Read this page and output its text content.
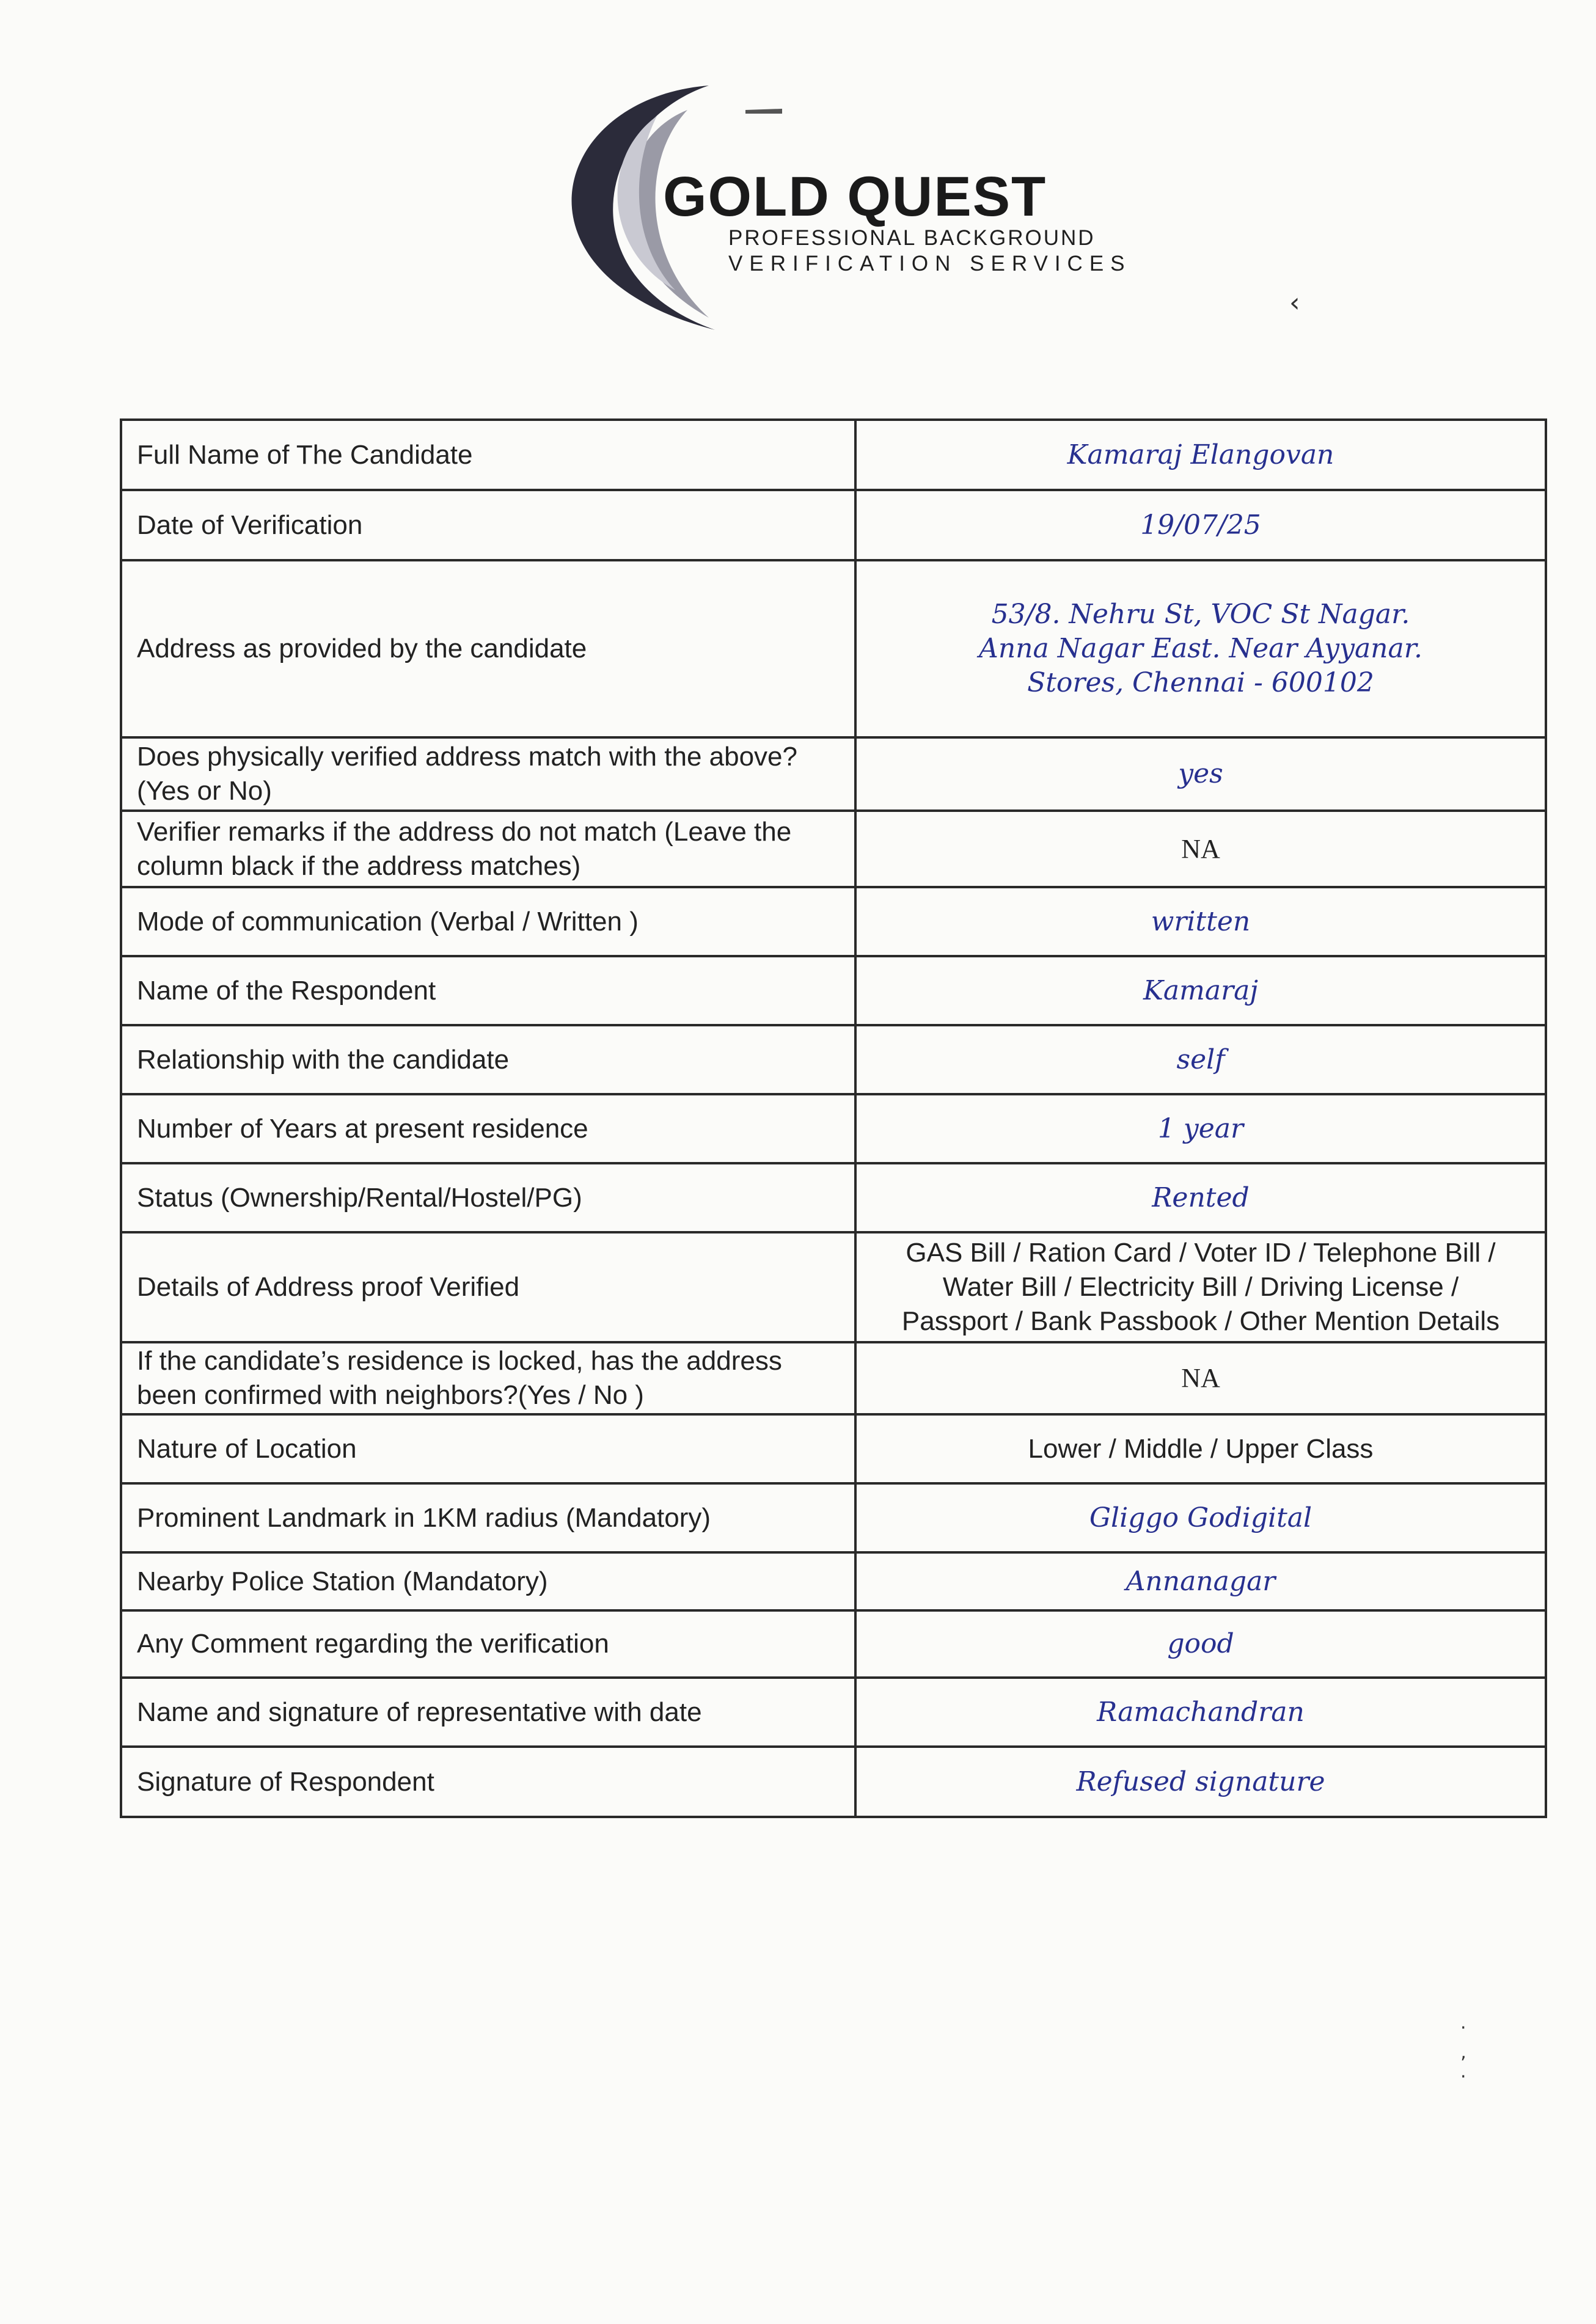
GOLD QUEST
PROFESSIONAL BACKGROUND
VERIFICATION SERVICES
‹
·
‚
·
Full Name of The Candidate	Kamaraj Elangovan
Date of Verification	19/07/25
Address as provided by the candidate	53/8. Nehru St, VOC St Nagar.
Anna Nagar East. Near Ayyanar.
Stores, Chennai - 600102

Does physically verified address match with the above? (Yes or No)	yes
Verifier remarks if the address do not match (Leave the column black if the address matches)	NA
Mode of communication (Verbal / Written )	written
Name of the Respondent	Kamaraj
Relationship with the candidate	self
Number of Years at present residence	1 year
Status (Ownership/Rental/Hostel/PG)	Rented
Details of Address proof Verified	GAS Bill / Ration Card / Voter ID / Telephone Bill /
Water Bill / Electricity Bill / Driving License /
Passport / Bank Passbook / Other Mention Details

If the candidate’s residence is locked, has the address been confirmed with neighbors?(Yes / No )	NA
Nature of Location	Lower / Middle / Upper Class
Prominent Landmark in 1KM radius (Mandatory)	Gliggo Godigital
Nearby Police Station (Mandatory)	Annanagar
Any Comment regarding the verification	good
Name and signature of representative with date	Ramachandran
Signature of Respondent	Refused signature
